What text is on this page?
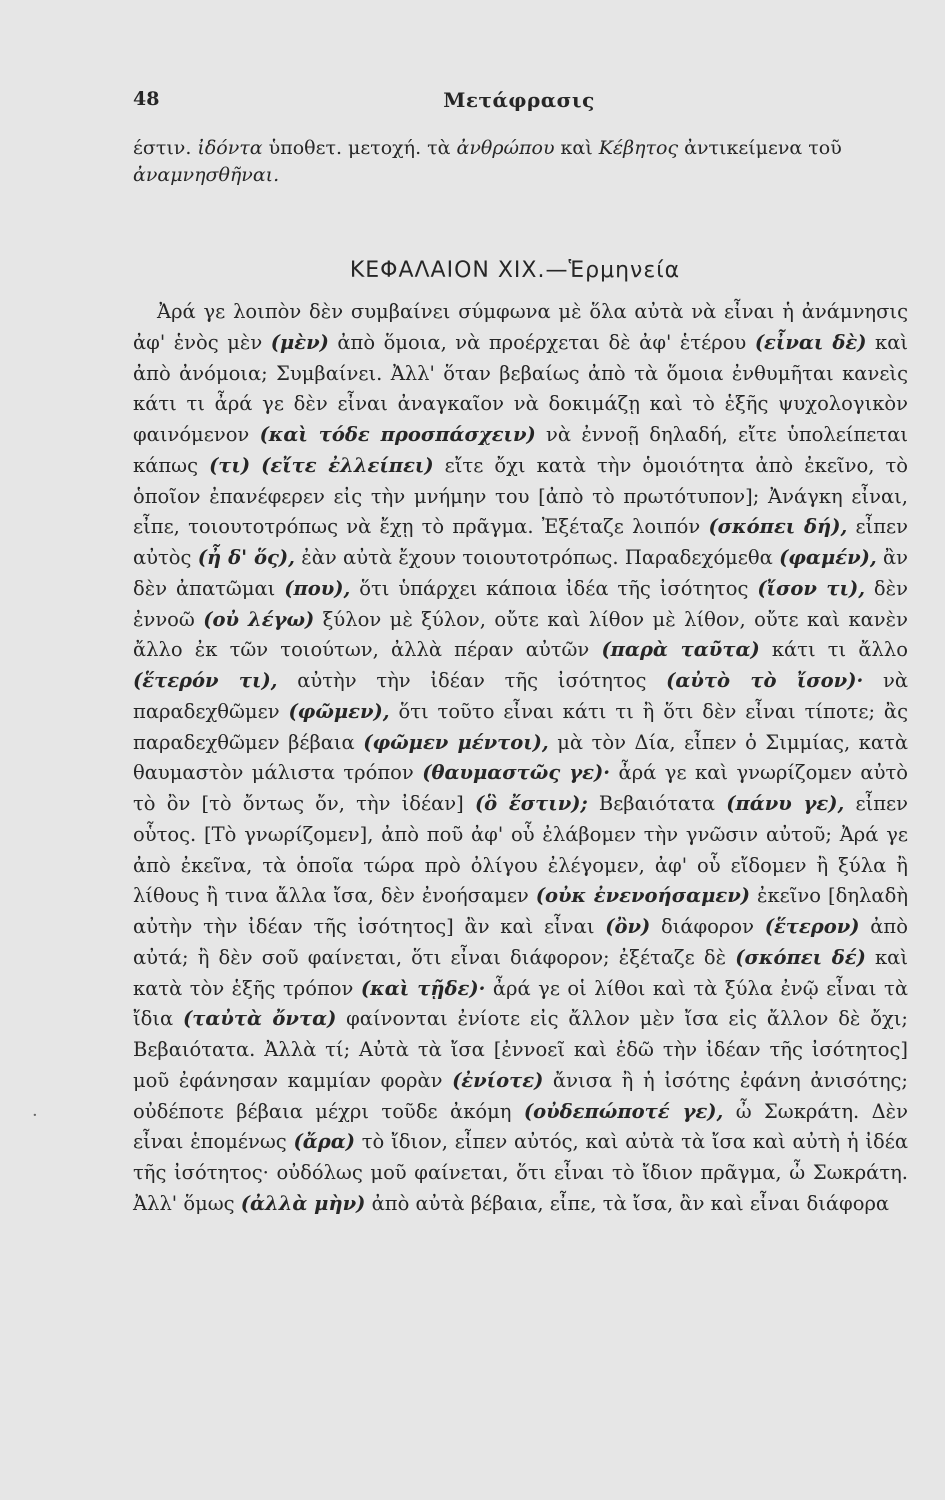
48	Μετάφρασις
έστιν. ἰδόντα ὑποθετ. μετοχή. τὰ ἀνθρώπου καὶ Κέβητος ἀντικείμενα τοῦ ἀναμνησθῆναι.
ΚΕΦΑΛΑΙΟΝ XIX.—Ἑρμηνεία

Ἀρά γε λοιπὸν δὲν συμβαίνει σύμφωνα μὲ ὅλα αὐτὰ νὰ εἶναι ἡ ἀνάμνησις ἀφ' ἑνὸς μὲν (μὲν) ἀπὸ ὅμοια, νὰ προέρχεται δὲ ἀφ' ἑτέρου (εἶναι δὲ) καὶ ἀπὸ ἀνόμοια; Συμβαίνει. Ἀλλ' ὅταν βεβαίως ἀπὸ τὰ ὅμοια ἐνθυμῆται κανεὶς κάτι τι ἆρά γε δὲν εἶναι ἀναγκαῖον νὰ δοκιμάζῃ καὶ τὸ ἑξῆς ψυχολογικὸν φαινόμενον (καὶ τόδε προσπάσχειν) νὰ ἐννοῇ δηλαδή, εἴτε ὑπολείπεται κάπως (τι) (εἴτε ἐλλείπει) εἴτε ὄχι κατὰ τὴν ὁμοιότητα ἀπὸ ἐκεῖνο, τὸ ὁποῖον ἐπανέφερεν εἰς τὴν μνήμην του [ἀπὸ τὸ πρωτότυπον]; Ἀνάγκη εἶναι, εἶπε, τοιουτοτρόπως νὰ ἔχῃ τὸ πρᾶγμα. Ἐξέταζε λοιπόν (σκόπει δή), εἶπεν αὐτὸς (ἦ δ' ὅς), ἐὰν αὐτὰ ἔχουν τοιουτοτρόπως. Παραδεχόμεθα (φαμέν), ἂν δὲν ἀπατῶμαι (που), ὅτι ὑπάρχει κάποια ἰδέα τῆς ἰσότητος (ἴσον τι), δὲν ἐννοῶ (οὐ λέγω) ξύλον μὲ ξύλον, οὔτε καὶ λίθον μὲ λίθον, οὔτε καὶ κανὲν ἄλλο ἐκ τῶν τοιούτων, ἀλλὰ πέραν αὐτῶν (παρὰ ταῦτα) κάτι τι ἄλλο (ἕτερόν τι), αὐτὴν τὴν ἰδέαν τῆς ἰσότητος (αὐτὸ τὸ ἴσον)· νὰ παραδεχθῶμεν (φῶμεν), ὅτι τοῦτο εἶναι κάτι τι ἢ ὅτι δὲν εἶναι τίποτε; ἂς παραδεχθῶμεν βέβαια (φῶμεν μέντοι), μὰ τὸν Δία, εἶπεν ὁ Σιμμίας, κατὰ θαυμαστὸν μάλιστα τρόπον (θαυμαστῶς γε)· ἆρά γε καὶ γνωρίζομεν αὐτὸ τὸ ὂν [τὸ ὄντως ὄν, τὴν ἰδέαν] (ὃ ἔστιν); Βεβαιότατα (πάνυ γε), εἶπεν οὗτος. [Τὸ γνωρίζομεν], ἀπὸ ποῦ ἀφ' οὗ ἐλάβομεν τὴν γνῶσιν αὐτοῦ; Ἀρά γε ἀπὸ ἐκεῖνα, τὰ ὁποῖα τώρα πρὸ ὀλίγου ἐλέγομεν, ἀφ' οὗ εἴδομεν ἢ ξύλα ἢ λίθους ἢ τινα ἄλλα ἴσα, δὲν ἐνοήσαμεν (οὐκ ἐνενοήσαμεν) ἐκεῖνο [δηλαδὴ αὐτὴν τὴν ἰδέαν τῆς ἰσότητος] ἂν καὶ εἶναι (ὂν) διάφορον (ἕτερον) ἀπὸ αὐτά; ἢ δὲν σοῦ φαίνεται, ὅτι εἶναι διάφορον; ἐξέταζε δὲ (σκόπει δέ) καὶ κατὰ τὸν ἑξῆς τρόπον (καὶ τῇδε)· ἆρά γε οἱ λίθοι καὶ τὰ ξύλα ἐνῷ εἶναι τὰ ἴδια (ταὐτὰ ὄντα) φαίνονται ἐνίοτε εἰς ἄλλον μὲν ἴσα εἰς ἄλλον δὲ ὄχι; Βεβαιότατα. Ἀλλὰ τί; Αὐτὰ τὰ ἴσα [ἐννοεῖ καὶ ἐδῶ τὴν ἰδέαν τῆς ἰσότητος] μοῦ ἐφάνησαν καμμίαν φορὰν (ἐνίοτε) ἄνισα ἢ ἡ ἰσότης ἐφάνη ἀνισότης; οὐδέποτε βέβαια μέχρι τοῦδε ἀκόμη (οὐδεπώποτέ γε), ὦ Σωκράτη. Δὲν εἶναι ἑπομένως (ἄρα) τὸ ἴδιον, εἶπεν αὐτός, καὶ αὐτὰ τὰ ἴσα καὶ αὐτὴ ἡ ἰδέα τῆς ἰσότητος· οὐδόλως μοῦ φαίνεται, ὅτι εἶναι τὸ ἴδιον πρᾶγμα, ὦ Σωκράτη. Ἀλλ' ὅμως (ἀλλὰ μὴν) ἀπὸ αὐτὰ βέβαια, εἶπε, τὰ ἴσα, ἂν καὶ εἶναι διάφορα

·
